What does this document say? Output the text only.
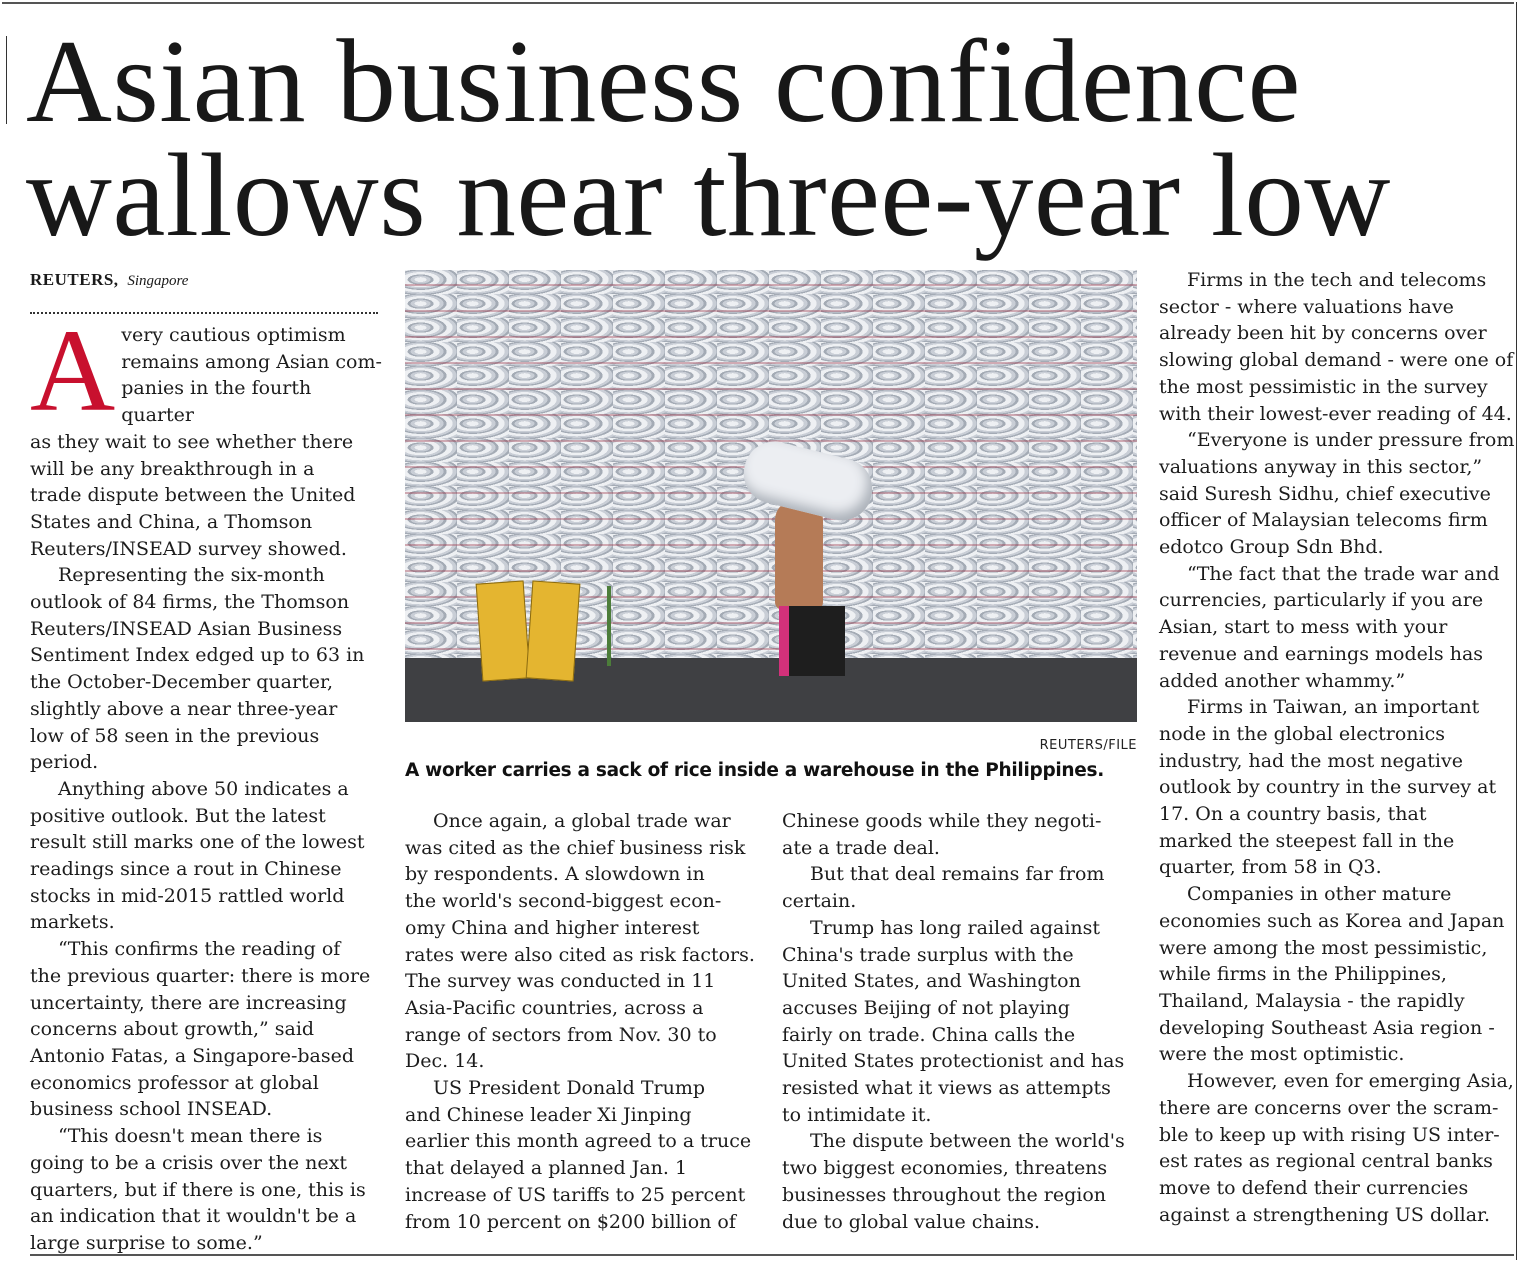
Asian business confidence
wallows near three-year low
REUTERS, Singapore
A very cautious optimism
remains among Asian com-
panies in the fourth quarter
as they wait to see whether there
will be any breakthrough in a
trade dispute between the United
States and China, a Thomson
Reuters/INSEAD survey showed.

Representing the six-month
outlook of 84 firms, the Thomson
Reuters/INSEAD Asian Business
Sentiment Index edged up to 63 in
the October-December quarter,
slightly above a near three-year
low of 58 seen in the previous
period.

Anything above 50 indicates a
positive outlook. But the latest
result still marks one of the lowest
readings since a rout in Chinese
stocks in mid-2015 rattled world
markets.

“This confirms the reading of
the previous quarter: there is more
uncertainty, there are increasing
concerns about growth,” said
Antonio Fatas, a Singapore-based
economics professor at global
business school INSEAD.

“This doesn't mean there is
going to be a crisis over the next
quarters, but if there is one, this is
an indication that it wouldn't be a
large surprise to some.”

REUTERS/FILE

A worker carries a sack of rice inside a warehouse in the Philippines.

Once again, a global trade war
was cited as the chief business risk
by respondents. A slowdown in
the world's second-biggest econ-
omy China and higher interest
rates were also cited as risk factors.
The survey was conducted in 11
Asia-Pacific countries, across a
range of sectors from Nov. 30 to
Dec. 14.

US President Donald Trump
and Chinese leader Xi Jinping
earlier this month agreed to a truce
that delayed a planned Jan. 1
increase of US tariffs to 25 percent
from 10 percent on $200 billion of

Chinese goods while they negoti-
ate a trade deal.

But that deal remains far from
certain.

Trump has long railed against
China's trade surplus with the
United States, and Washington
accuses Beijing of not playing
fairly on trade. China calls the
United States protectionist and has
resisted what it views as attempts
to intimidate it.

The dispute between the world's
two biggest economies, threatens
businesses throughout the region
due to global value chains.

Firms in the tech and telecoms
sector - where valuations have
already been hit by concerns over
slowing global demand - were one of
the most pessimistic in the survey
with their lowest-ever reading of 44.

“Everyone is under pressure from
valuations anyway in this sector,”
said Suresh Sidhu, chief executive
officer of Malaysian telecoms firm
edotco Group Sdn Bhd.

“The fact that the trade war and
currencies, particularly if you are
Asian, start to mess with your
revenue and earnings models has
added another whammy.”

Firms in Taiwan, an important
node in the global electronics
industry, had the most negative
outlook by country in the survey at
17. On a country basis, that
marked the steepest fall in the
quarter, from 58 in Q3.

Companies in other mature
economies such as Korea and Japan
were among the most pessimistic,
while firms in the Philippines,
Thailand, Malaysia - the rapidly
developing Southeast Asia region -
were the most optimistic.

However, even for emerging Asia,
there are concerns over the scram-
ble to keep up with rising US inter-
est rates as regional central banks
move to defend their currencies
against a strengthening US dollar.
